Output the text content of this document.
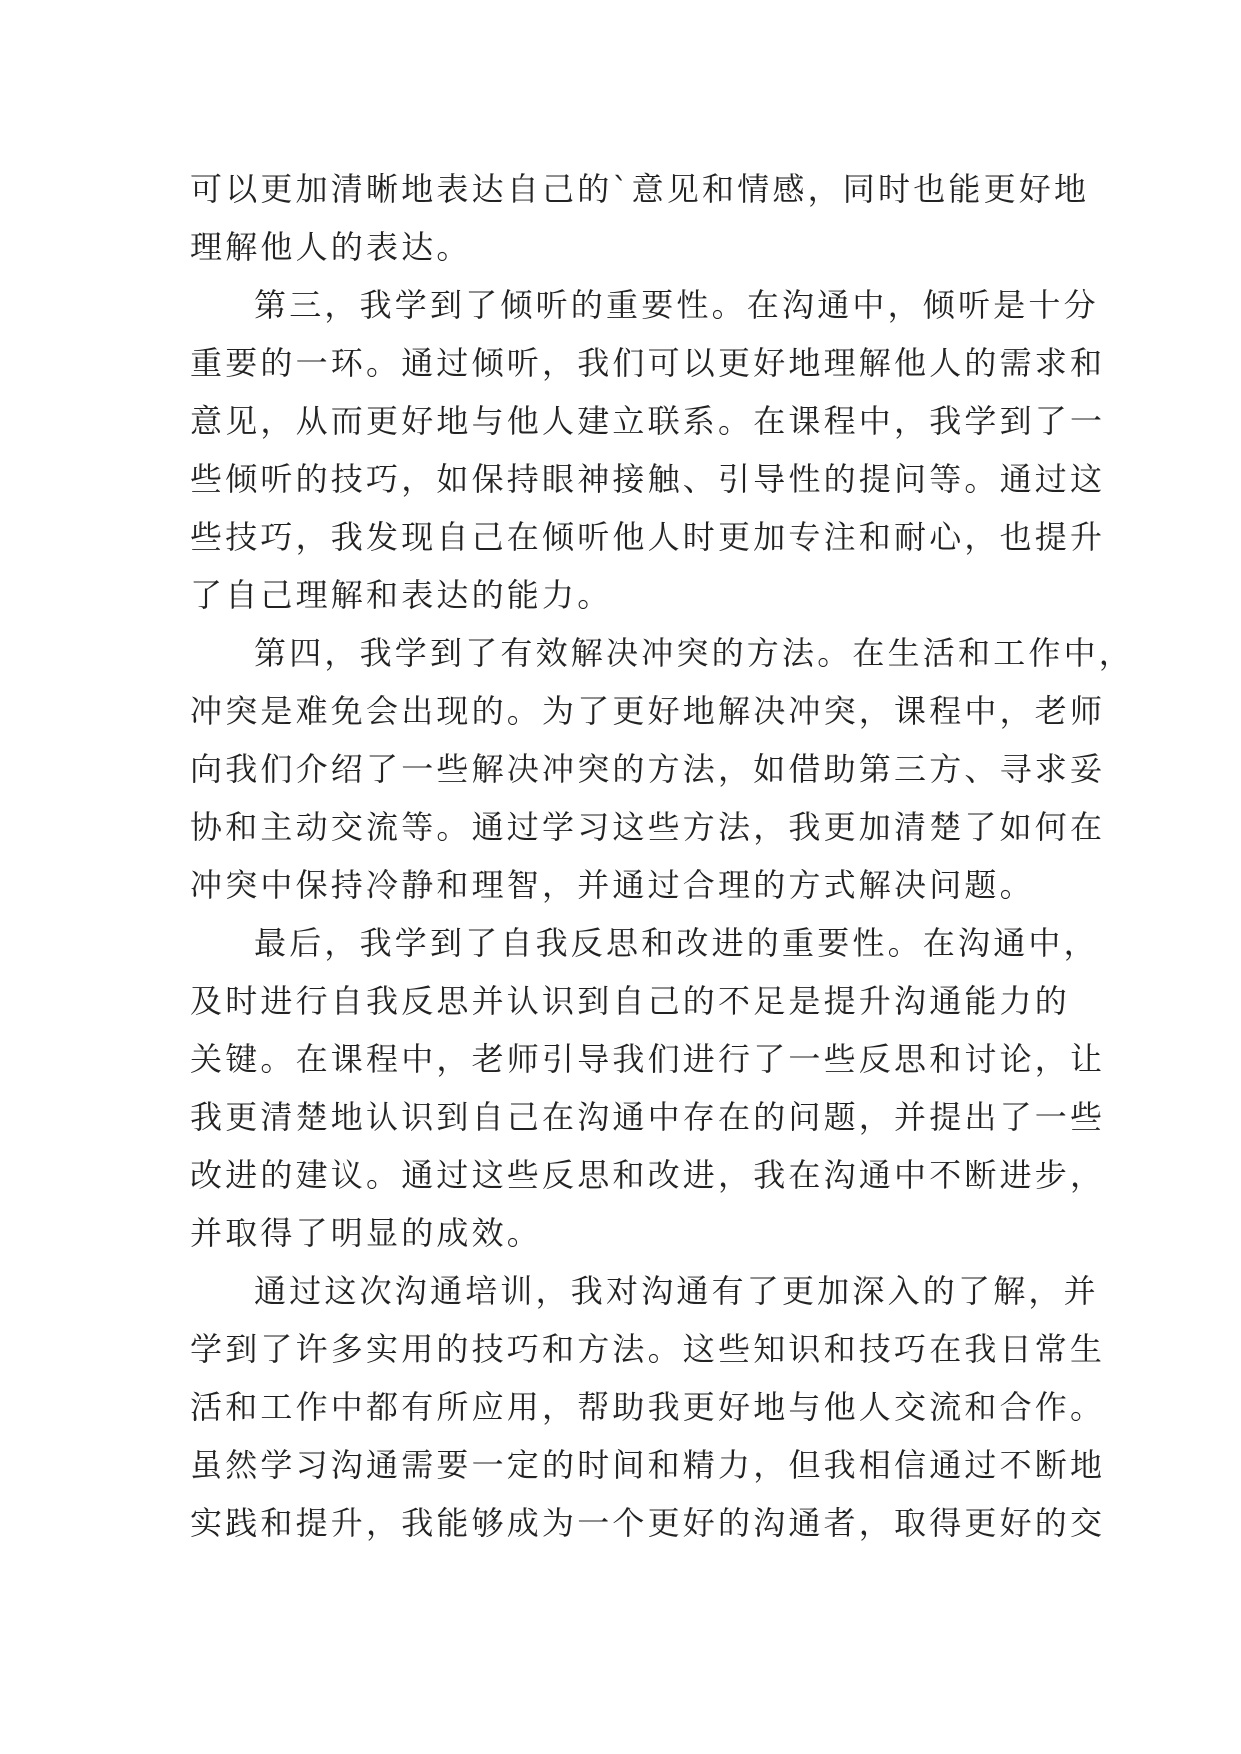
可以更加清晰地表达自己的`意见和情感，同时也能更好地
理解他人的表达。
第三，我学到了倾听的重要性。在沟通中，倾听是十分
重要的一环。通过倾听，我们可以更好地理解他人的需求和
意见，从而更好地与他人建立联系。在课程中，我学到了一
些倾听的技巧，如保持眼神接触、引导性的提问等。通过这
些技巧，我发现自己在倾听他人时更加专注和耐心，也提升
了自己理解和表达的能力。
第四，我学到了有效解决冲突的方法。在生活和工作中，
冲突是难免会出现的。为了更好地解决冲突，课程中，老师
向我们介绍了一些解决冲突的方法，如借助第三方、寻求妥
协和主动交流等。通过学习这些方法，我更加清楚了如何在
冲突中保持冷静和理智，并通过合理的方式解决问题。
最后，我学到了自我反思和改进的重要性。在沟通中，
及时进行自我反思并认识到自己的不足是提升沟通能力的
关键。在课程中，老师引导我们进行了一些反思和讨论，让
我更清楚地认识到自己在沟通中存在的问题，并提出了一些
改进的建议。通过这些反思和改进，我在沟通中不断进步，
并取得了明显的成效。
通过这次沟通培训，我对沟通有了更加深入的了解，并
学到了许多实用的技巧和方法。这些知识和技巧在我日常生
活和工作中都有所应用，帮助我更好地与他人交流和合作。
虽然学习沟通需要一定的时间和精力，但我相信通过不断地
实践和提升，我能够成为一个更好的沟通者，取得更好的交
